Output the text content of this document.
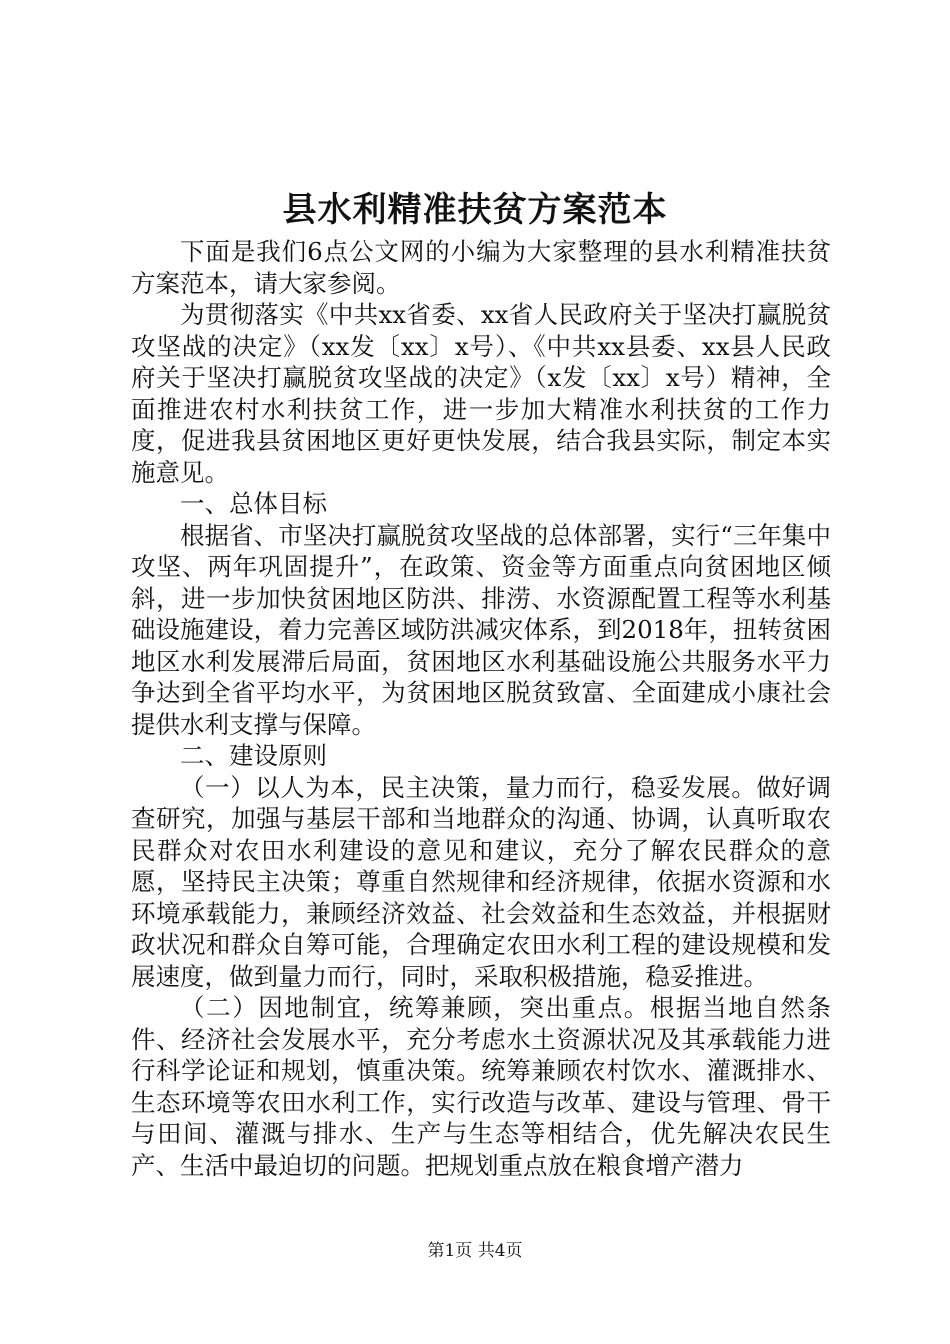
县水利精准扶贫方案范本

下面是我们6点公文网的小编为大家整理的县水利精准扶贫方案范本，请大家参阅。

为贯彻落实《中共xx省委、xx省人民政府关于坚决打赢脱贫攻坚战的决定》（xx发〔xx〕x号）、《中共xx县委、xx县人民政府关于坚决打赢脱贫攻坚战的决定》（x发〔xx〕x号）精神，全面推进农村水利扶贫工作，进一步加大精准水利扶贫的工作力度，促进我县贫困地区更好更快发展，结合我县实际，制定本实施意见。

一、总体目标

根据省、市坚决打赢脱贫攻坚战的总体部署，实行“三年集中攻坚、两年巩固提升”，在政策、资金等方面重点向贫困地区倾斜，进一步加快贫困地区防洪、排涝、水资源配置工程等水利基础设施建设，着力完善区域防洪减灾体系，到2018年，扭转贫困地区水利发展滞后局面，贫困地区水利基础设施公共服务水平力争达到全省平均水平，为贫困地区脱贫致富、全面建成小康社会提供水利支撑与保障。

二、建设原则

（一）以人为本，民主决策，量力而行，稳妥发展。做好调查研究，加强与基层干部和当地群众的沟通、协调，认真听取农民群众对农田水利建设的意见和建议，充分了解农民群众的意愿，坚持民主决策；尊重自然规律和经济规律，依据水资源和水环境承载能力，兼顾经济效益、社会效益和生态效益，并根据财政状况和群众自筹可能，合理确定农田水利工程的建设规模和发展速度，做到量力而行，同时，采取积极措施，稳妥推进。

（二）因地制宜，统筹兼顾，突出重点。根据当地自然条件、经济社会发展水平，充分考虑水土资源状况及其承载能力进行科学论证和规划，慎重决策。统筹兼顾农村饮水、灌溉排水、生态环境等农田水利工作，实行改造与改革、建设与管理、骨干与田间、灌溉与排水、生产与生态等相结合，优先解决农民生产、生活中最迫切的问题。把规划重点放在粮食增产潜力

第1页 共4页
